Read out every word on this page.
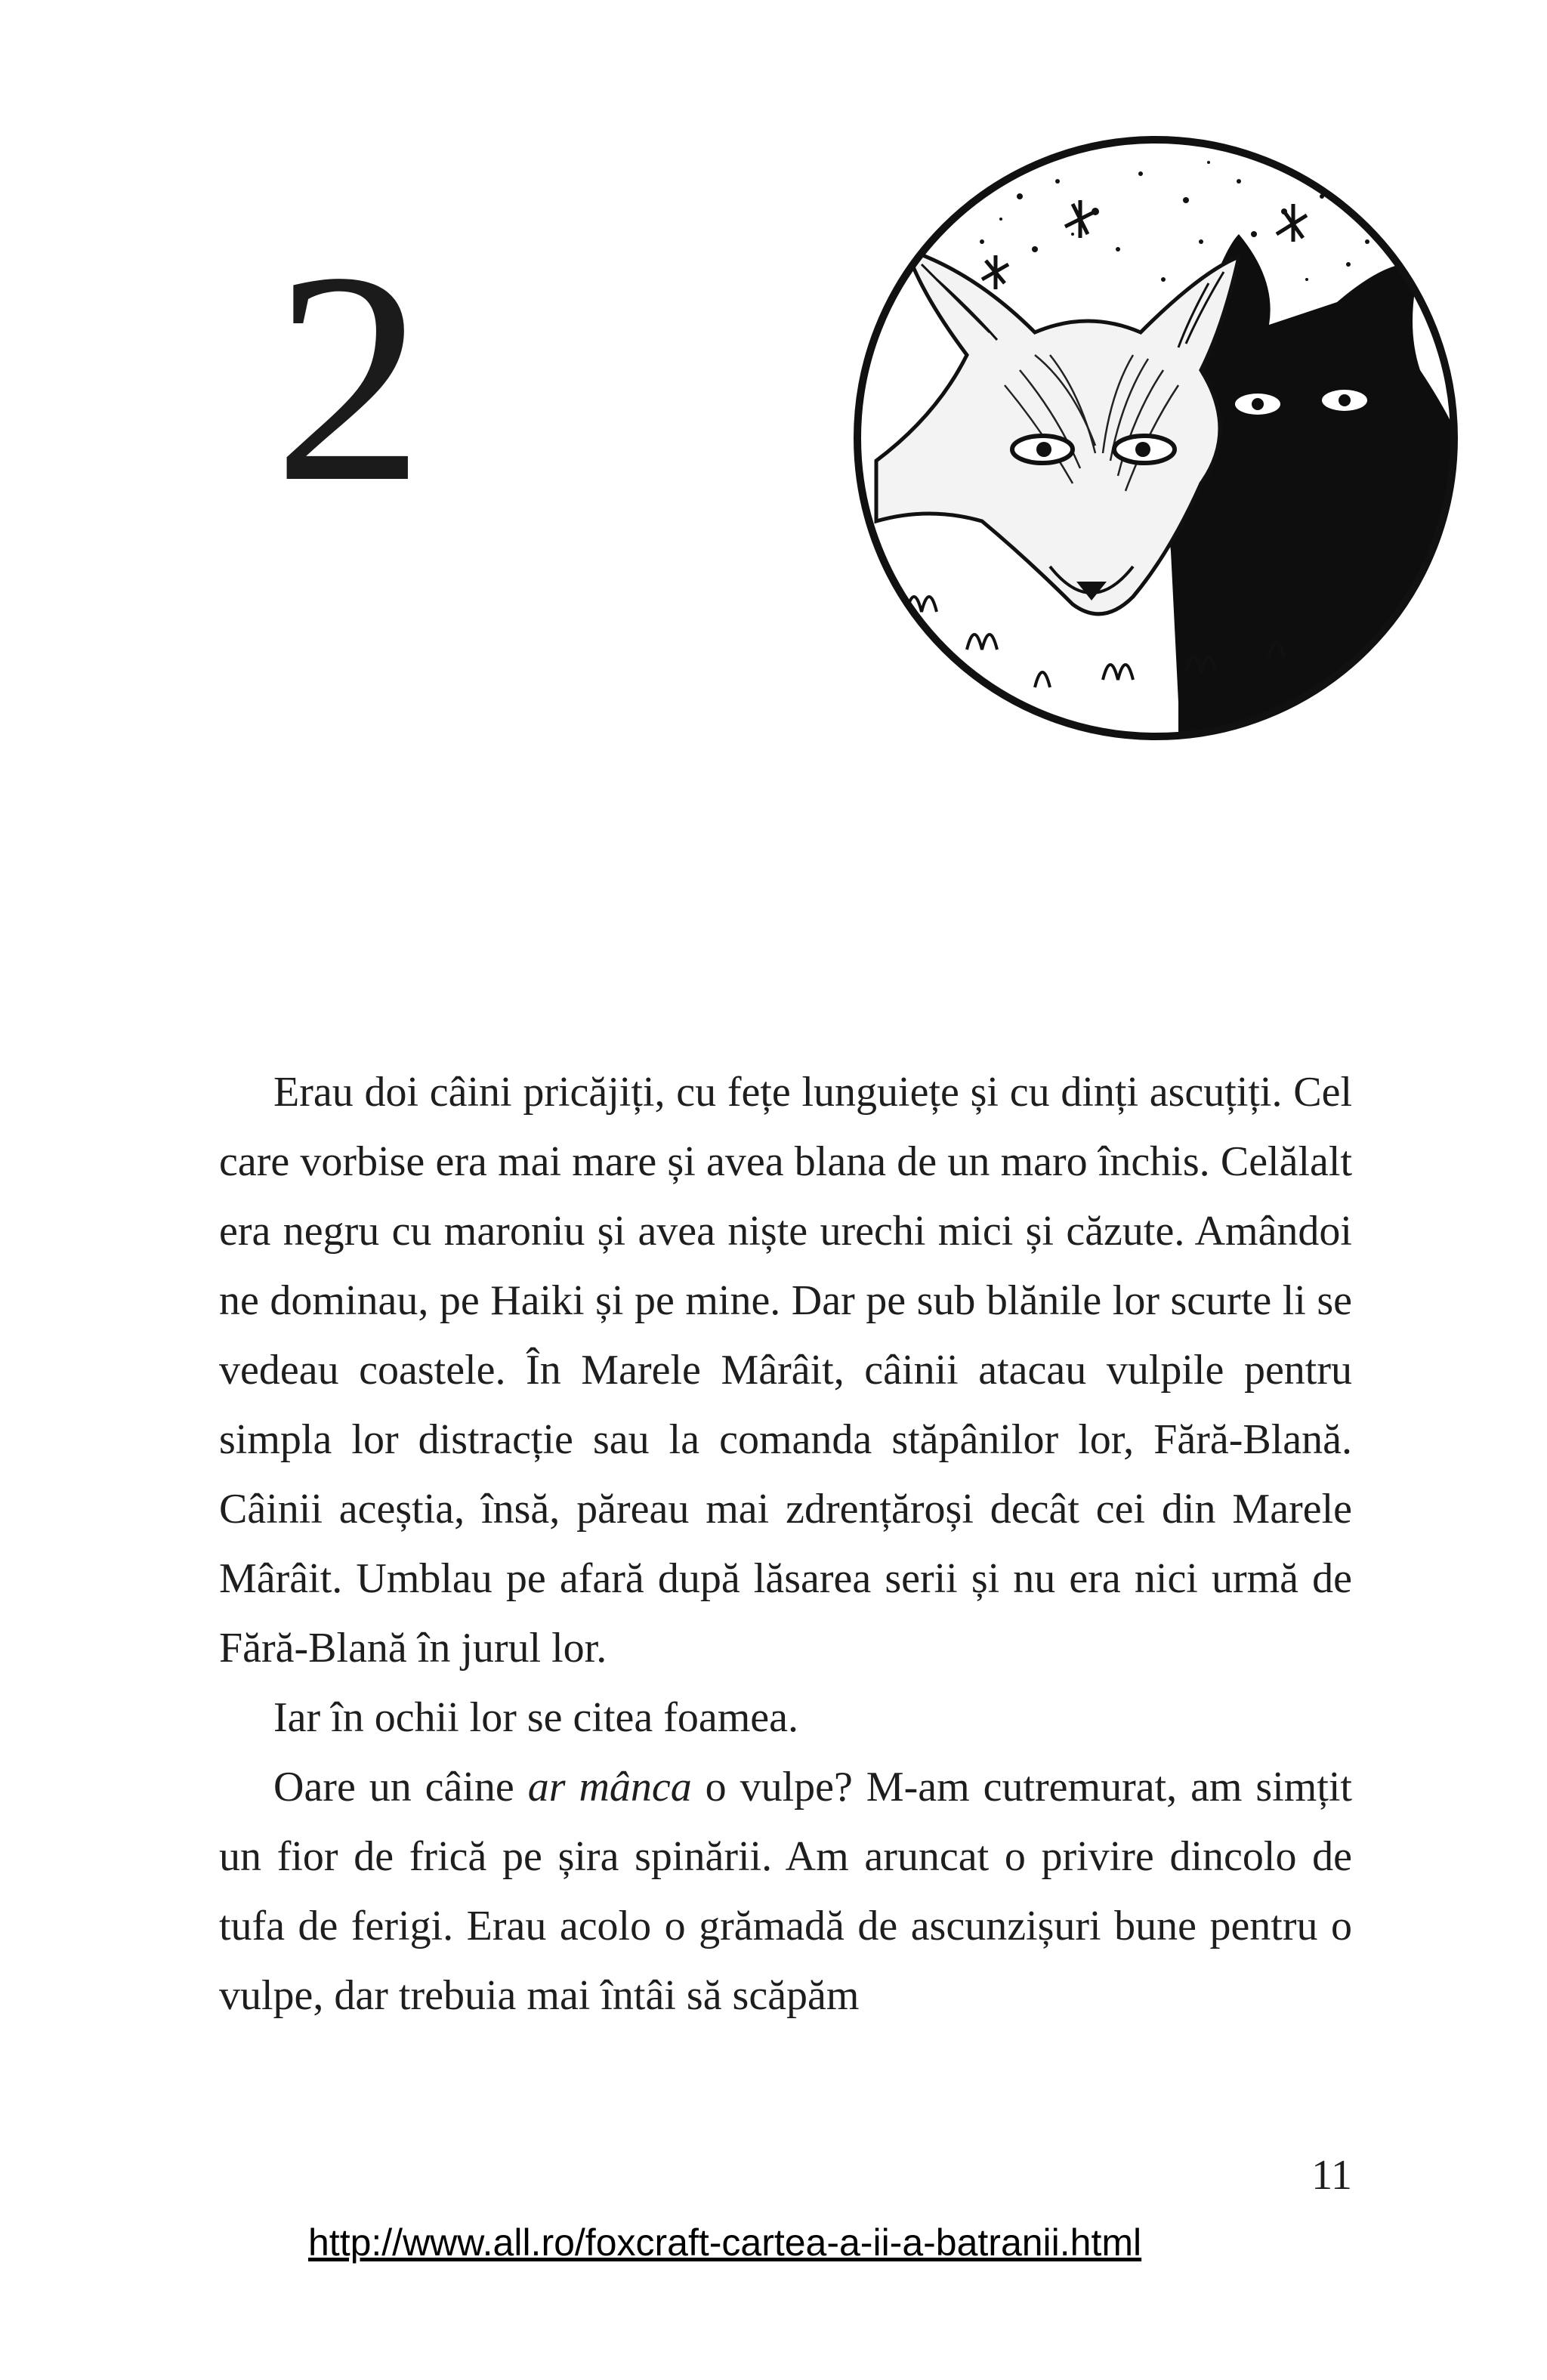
2

Erau doi câini pricăjiți, cu fețe lunguiețe și cu dinți ascuțiți. Cel care vorbise era mai mare și avea blana de un maro închis. Celălalt era negru cu maroniu și avea niște urechi mici și căzute. Amândoi ne dominau, pe Haiki și pe mine. Dar pe sub blănile lor scurte li se vedeau coastele. În Marele Mârâit, câinii atacau vulpile pentru simpla lor distracție sau la comanda stăpânilor lor, Fără-Blană. Câinii aceștia, însă, păreau mai zdrențăroși decât cei din Marele Mârâit. Umblau pe afară după lăsarea serii și nu era nici urmă de Fără-Blană în jurul lor.

Iar în ochii lor se citea foamea.

Oare un câine ar mânca o vulpe? M-am cutremurat, am simțit un fior de frică pe șira spinării. Am aruncat o privire dincolo de tufa de ferigi. Erau acolo o grămadă de ascunzișuri bune pentru o vulpe, dar trebuia mai întâi să scăpăm

11
http://www.all.ro/foxcraft-cartea-a-ii-a-batranii.html
